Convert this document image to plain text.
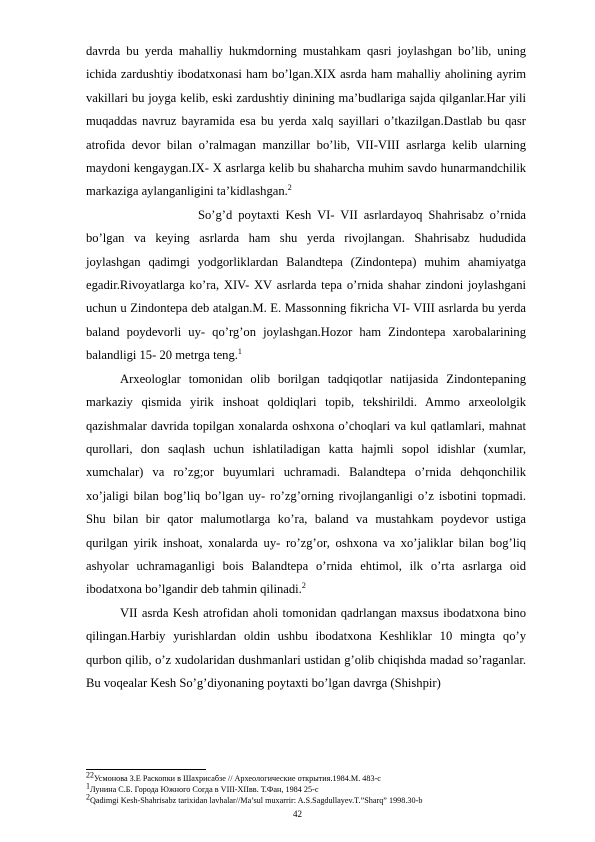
davrda bu yerda mahalliy hukmdorning mustahkam qasri joylashgan bo’lib, uning ichida zardushtiy ibodatxonasi ham bo’lgan.XIX asrda ham mahalliy aholining ayrim vakillari bu joyga kelib, eski zardushtiy dinining ma’budlariga sajda qilganlar.Har yili muqaddas navruz bayramida esa bu yerda xalq sayillari o’tkazilgan.Dastlab bu qasr atrofida devor bilan o’ralmagan manzillar bo’lib, VII-VIII asrlarga kelib ularning maydoni kengaygan.IX- X asrlarga kelib bu shaharcha muhim savdo hunarmandchilik markaziga aylanganligini ta’kidlashgan.$^2$

So’g’d poytaxti Kesh VI- VII asrlardayoq Shahrisabz o’rnida bo’lgan va keying asrlarda ham shu yerda rivojlangan. Shahrisabz hududida joylashgan qadimgi yodgorliklardan Balandtepa (Zindontepa) muhim ahamiyatga egadir.Rivoyatlarga ko’ra, XIV- XV asrlarda tepa o’rnida shahar zindoni joylashgani uchun u Zindontepa deb atalgan.M. E. Massonning fikricha VI- VIII asrlarda bu yerda baland poydevorli uy- qo’rg’on joylashgan.Hozor ham Zindontepa xarobalarining balandligi 15- 20 metrga teng.$^1$

Arxeologlar tomonidan olib borilgan tadqiqotlar natijasida Zindontepaning markaziy qismida yirik inshoat qoldiqlari topib, tekshirildi. Ammo arxeololgik qazishmalar davrida topilgan xonalarda oshxona o’choqlari va kul qatlamlari, mahnat qurollari, don saqlash uchun ishlatiladigan katta hajmli sopol idishlar (xumlar, xumchalar) va ro’zg;or buyumlari uchramadi. Balandtepa o’rnida dehqonchilik xo’jaligi bilan bog’liq bo’lgan uy- ro’zg’orning rivojlanganligi o’z isbotini topmadi. Shu bilan bir qator malumotlarga ko’ra, baland va mustahkam poydevor ustiga qurilgan yirik inshoat, xonalarda uy- ro’zg’or, oshxona va xo’jaliklar bilan bog’liq ashyolar uchramaganligi bois Balandtepa o’rnida ehtimol, ilk o’rta asrlarga oid ibodatxona bo’lgandir deb tahmin qilinadi.$^2$

VII asrda Kesh atrofidan aholi tomonidan qadrlangan maxsus ibodatxona bino qilingan.Harbiy yurishlardan oldin ushbu ibodatxona Keshliklar 10 mingta qo’y qurbon qilib, o’z xudolaridan dushmanlari ustidan g’olib chiqishda madad so’raganlar. Bu voqealar Kesh So’g’diyonaning poytaxti bo’lgan davrga (Shishpir)

$^{22}$Усмонова З.Е Раскопки в Шахрисабзе // Археологические открытия.1984.М. 483-с
$^1$Лунина С.Б. Города Южного Согда в VIII-XIIвв. Т.Фан, 1984 25-с
$^2$Qadimgi Kesh-Shahrisabz tarixidan lavhalar//Ma’sul muxarrir: A.S.Sagdullayev.T.”Sharq” 1998.30-b
42
